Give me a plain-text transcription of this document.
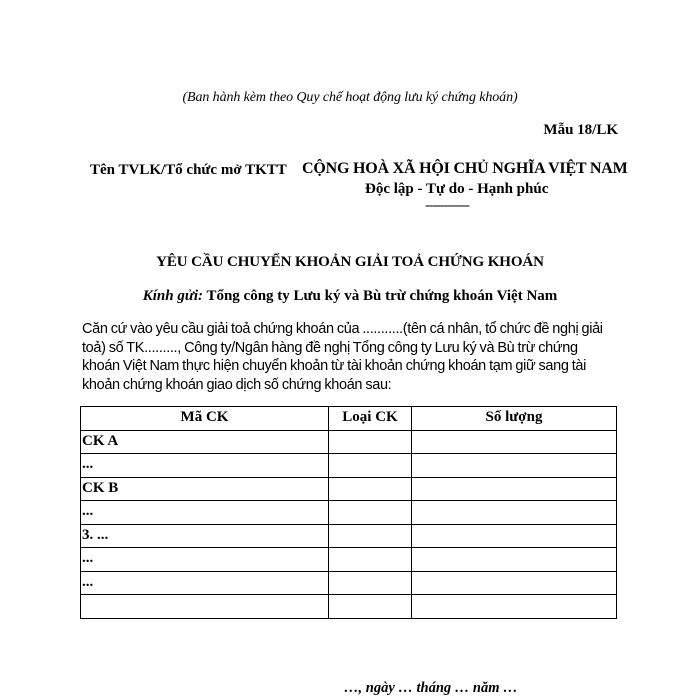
(Ban hành kèm theo Quy chế hoạt động lưu ký chứng khoán)
Mẫu 18/LK
Tên TVLK/Tổ chức mở TKTT CỘNG HOÀ XÃ HỘI CHỦ NGHĨA VIỆT NAM
Độc lập - Tự do - Hạnh phúc
------------
YÊU CẦU CHUYỂN KHOẢN GIẢI TOẢ CHỨNG KHOÁN
Kính gửi: Tổng công ty Lưu ký và Bù trừ chứng khoán Việt Nam
Căn cứ vào yêu cầu giải toả chứng khoán của ...........(tên cá nhân, tổ chức đề nghị giải toả) số TK........., Công ty/Ngân hàng đề nghị Tổng công ty Lưu ký và Bù trừ chứng khoán Việt Nam thực hiện chuyển khoản từ tài khoản chứng khoán tạm giữ sang tài khoản chứng khoán giao dịch số chứng khoán sau:
Mã CK	Loại CK	Số lượng
CK A		
...		
CK B		
...		
3. ...		
...		
...		

…, ngày … tháng … năm …
